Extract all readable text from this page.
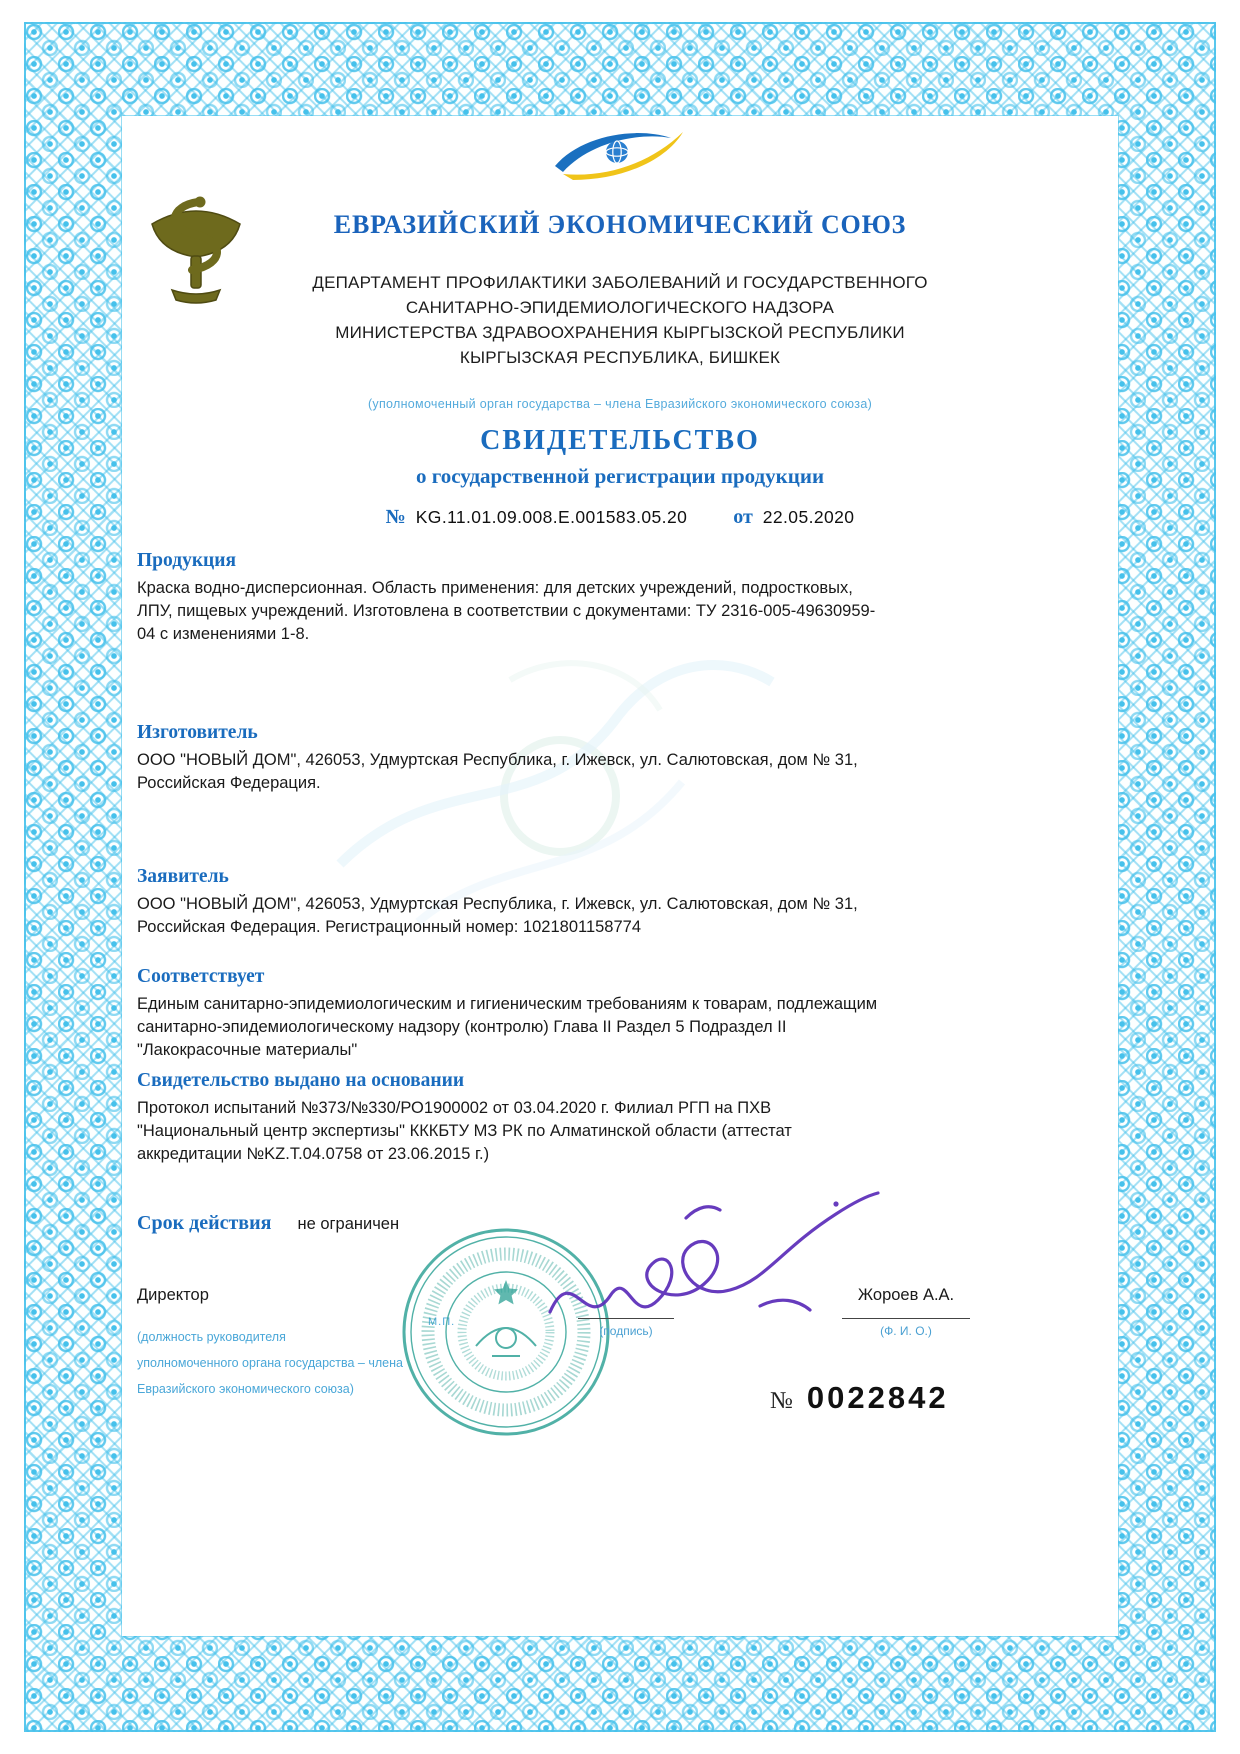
ЕВРАЗИЙСКИЙ ЭКОНОМИЧЕСКИЙ СОЮЗ
ДЕПАРТАМЕНТ ПРОФИЛАКТИКИ ЗАБОЛЕВАНИЙ И ГОСУДАРСТВЕННОГО
САНИТАРНО-ЭПИДЕМИОЛОГИЧЕСКОГО НАДЗОРА
МИНИСТЕРСТВА ЗДРАВООХРАНЕНИЯ КЫРГЫЗСКОЙ РЕСПУБЛИКИ
КЫРГЫЗСКАЯ РЕСПУБЛИКА, БИШКЕК
(уполномоченный орган государства – члена Евразийского экономического союза)
СВИДЕТЕЛЬСТВО
о государственной регистрации продукции
№ KG.11.01.09.008.E.001583.05.20 от 22.05.2020
Продукция
Краска водно-дисперсионная. Область применения: для детских учреждений, подростковых,
ЛПУ, пищевых учреждений. Изготовлена в соответствии с документами: ТУ 2316-005-49630959-
04 с изменениями 1-8.
Изготовитель
ООО "НОВЫЙ ДОМ", 426053, Удмуртская Республика, г. Ижевск, ул. Салютовская, дом № 31,
Российская Федерация.
Заявитель
ООО "НОВЫЙ ДОМ", 426053, Удмуртская Республика, г. Ижевск, ул. Салютовская, дом № 31,
Российская Федерация. Регистрационный номер: 1021801158774
Соответствует
Единым санитарно-эпидемиологическим и гигиеническим требованиям к товарам, подлежащим
санитарно-эпидемиологическому надзору (контролю) Глава II Раздел 5 Подраздел II
"Лакокрасочные материалы"
Свидетельство выдано на основании
Протокол испытаний №373/№330/РО1900002 от 03.04.2020 г. Филиал РГП на ПХВ
"Национальный центр экспертизы" КККБТУ МЗ РК по Алматинской области (аттестат
аккредитации №KZ.T.04.0758 от 23.06.2015 г.)
Срок действия не ограничен
М.П.
Директор	Жороев А.А.
(подпись)	(Ф. И. О.)
(должность руководителя
уполномоченного органа государства – члена
Евразийского экономического союза)	№ 0022842
